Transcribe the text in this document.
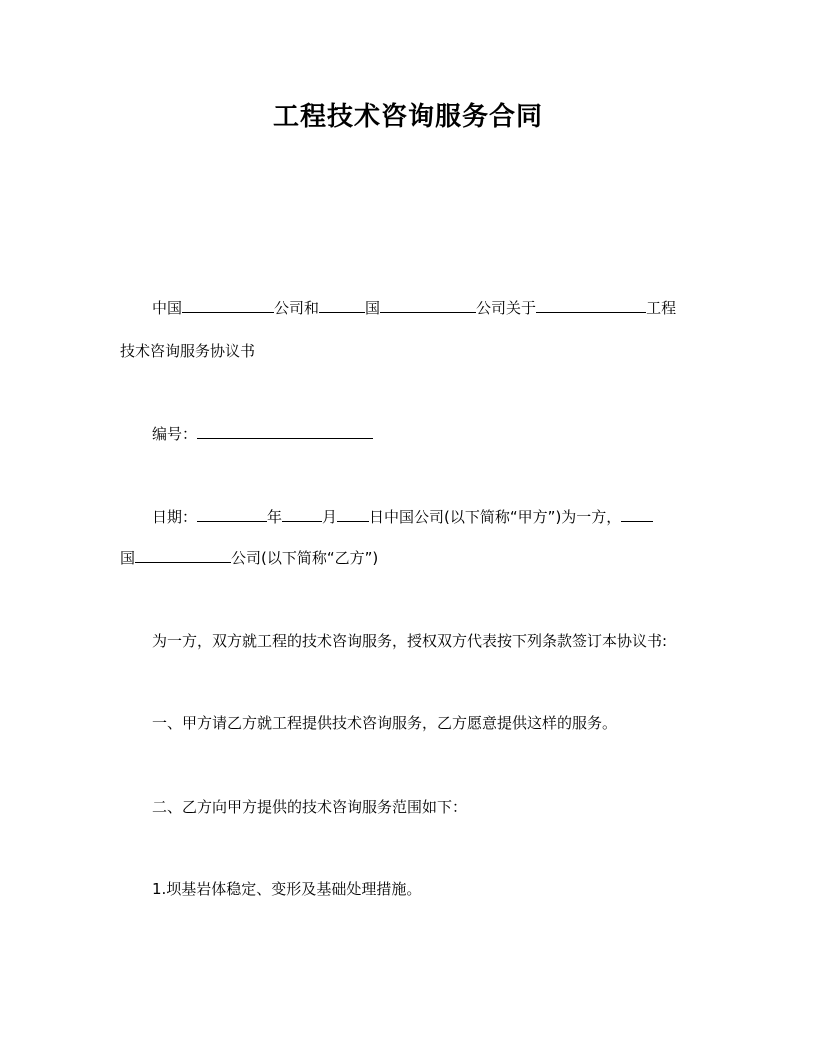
工程技术咨询服务合同
中国	公司和	国	公司关于	工程
技术咨询服务协议书
编号：
日期：	年	月 日中国公司(以下简称“甲方”)为一方，
国	公司(以下简称“乙方”)
为一方，双方就工程的技术咨询服务，授权双方代表按下列条款签订本协议书:
一、甲方请乙方就工程提供技术咨询服务，乙方愿意提供这样的服务。
二、乙方向甲方提供的技术咨询服务范围如下：
1.坝基岩体稳定、变形及基础处理措施。
